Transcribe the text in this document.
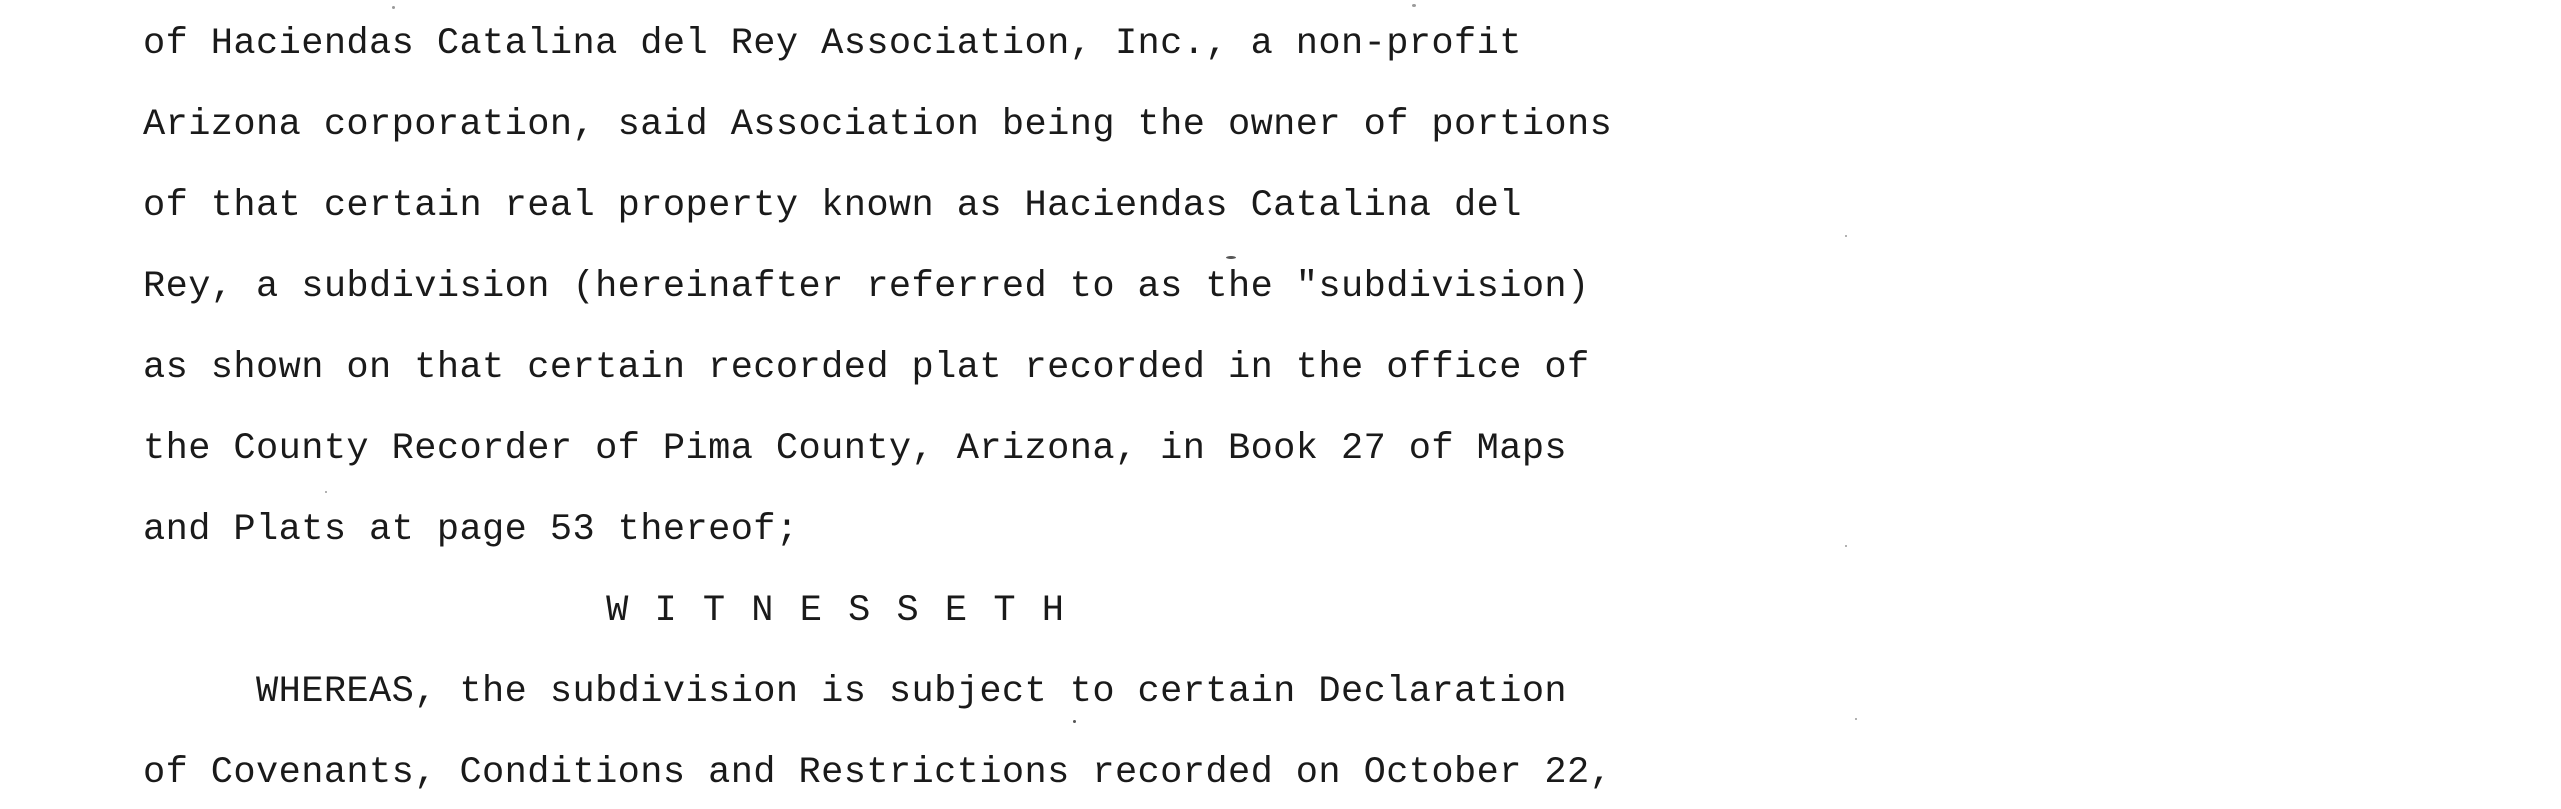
of Haciendas Catalina del Rey Association, Inc., a non-profit
Arizona corporation, said Association being the owner of portions
of that certain real property known as Haciendas Catalina del
Rey, a subdivision (hereinafter referred to as the "subdivision)
as shown on that certain recorded plat recorded in the office of
the County Recorder of Pima County, Arizona, in Book 27 of Maps
and Plats at page 53 thereof;
W I T N E S S E T H
WHEREAS, the subdivision is subject to certain Declaration
of Covenants, Conditions and Restrictions recorded on October 22,
